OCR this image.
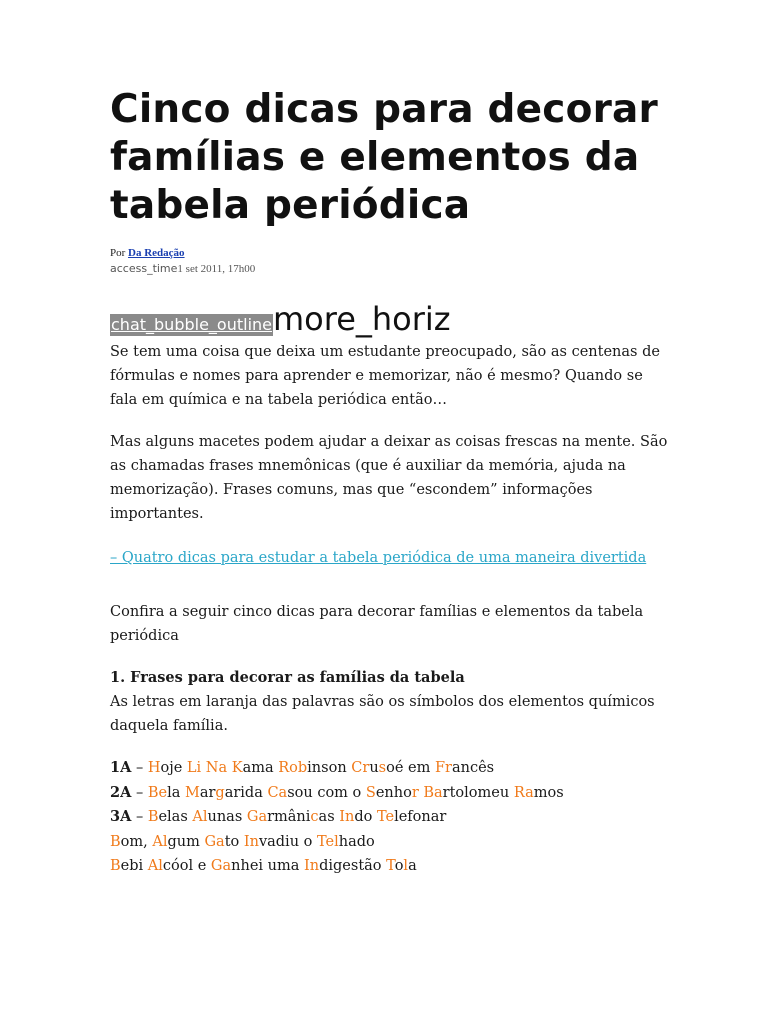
Cinco dicas para decorar famílias e elementos da tabela periódica
Por Da Redação
access_time1 set 2011, 17h00
chat_bubble_outline more_horiz

Se tem uma coisa que deixa um estudante preocupado, são as centenas de fórmulas e nomes para aprender e memorizar, não é mesmo? Quando se fala em química e na tabela periódica então…

Mas alguns macetes podem ajudar a deixar as coisas frescas na mente. São as chamadas frases mnemônicas (que é auxiliar da memória, ajuda na memorização). Frases comuns, mas que “escondem” informações importantes.

– Quatro dicas para estudar a tabela periódica de uma maneira divertida

Confira a seguir cinco dicas para decorar famílias e elementos da tabela periódica

1. Frases para decorar as famílias da tabela

As letras em laranja das palavras são os símbolos dos elementos químicos daquela família.

1A – Hoje Li Na Kama Robinson Crusoé em Francês
2A – Bela Margarida Casou com o Senhor Bartolomeu Ramos
3A – Belas Alunas Garmânicas Indo Telefonar
Bom, Algum Gato Invadiu o Telhado
Bebi Alcóol e Ganhei uma Indigestão Tola
